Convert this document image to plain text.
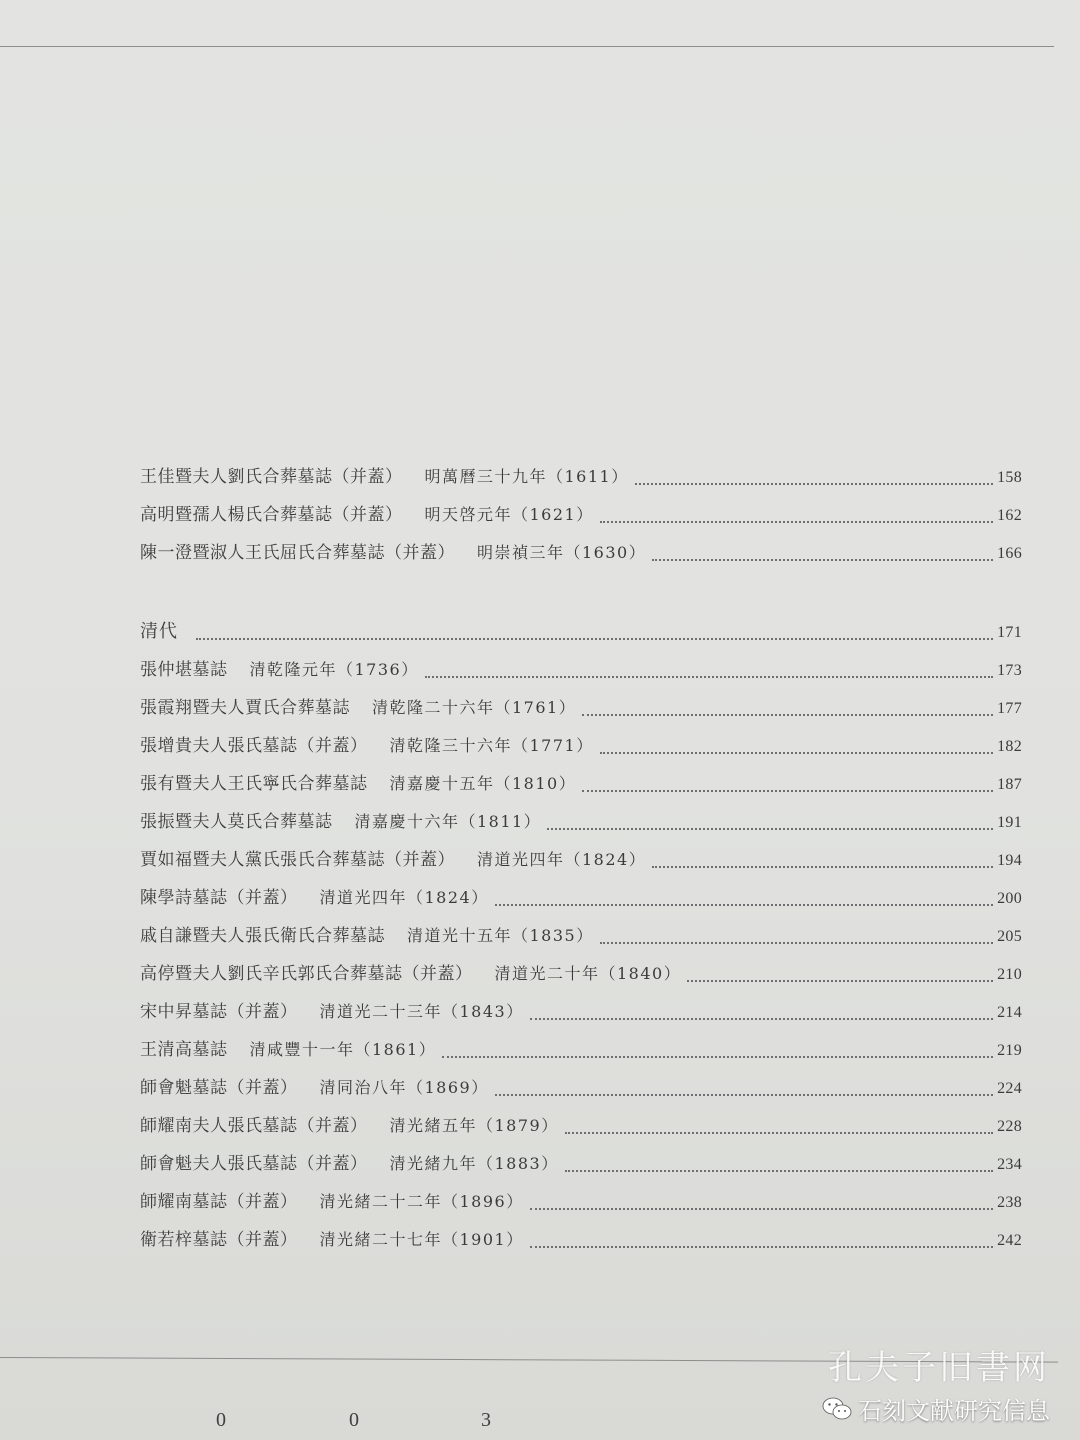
王佳暨夫人劉氏合葬墓誌（并蓋） 明萬曆三十九年（1611）	158
高明暨孺人楊氏合葬墓誌（并蓋） 明天啓元年（1621）	162
陳一澄暨淑人王氏屈氏合葬墓誌（并蓋） 明崇禎三年（1630）	166
清代	171
張仲堪墓誌 清乾隆元年（1736）	173
張霞翔暨夫人賈氏合葬墓誌 清乾隆二十六年（1761）	177
張增貴夫人張氏墓誌（并蓋） 清乾隆三十六年（1771）	182
張有暨夫人王氏寧氏合葬墓誌 清嘉慶十五年（1810）	187
張振暨夫人莫氏合葬墓誌 清嘉慶十六年（1811）	191
賈如福暨夫人黨氏張氏合葬墓誌（并蓋） 清道光四年（1824）	194
陳學詩墓誌（并蓋） 清道光四年（1824）	200
戚自謙暨夫人張氏衛氏合葬墓誌 清道光十五年（1835）	205
高停暨夫人劉氏辛氏郭氏合葬墓誌（并蓋） 清道光二十年（1840）	210
宋中昇墓誌（并蓋） 清道光二十三年（1843）	214
王清高墓誌 清咸豐十一年（1861）	219
師會魁墓誌（并蓋） 清同治八年（1869）	224
師耀南夫人張氏墓誌（并蓋） 清光緒五年（1879）	228
師會魁夫人張氏墓誌（并蓋） 清光緒九年（1883）	234
師耀南墓誌（并蓋） 清光緒二十二年（1896）	238
衛若梓墓誌（并蓋） 清光緒二十七年（1901）	242
0	0	3
孔夫子旧書网
石刻文献研究信息
